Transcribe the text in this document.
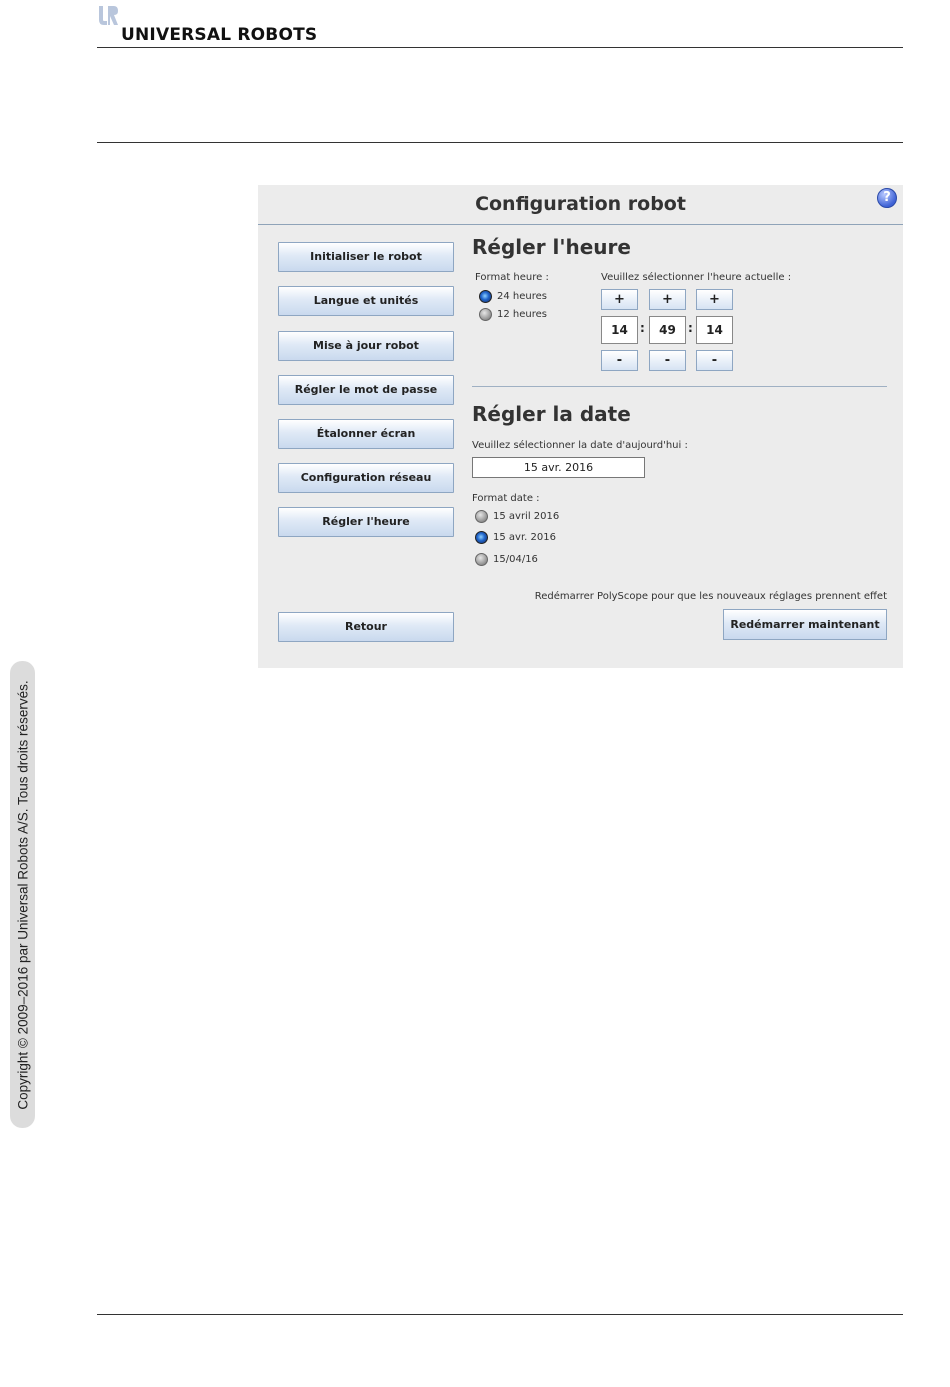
UNIVERSAL ROBOTS
Copyright © 2009–2016 par Universal Robots A/S. Tous droits réservés.
Configuration robot	?
Initialiser le robot
Langue et unités
Mise à jour robot
Régler le mot de passe
Étalonner écran
Configuration réseau
Régler l'heure
Retour
Régler l'heure
Format heure :
24 heures
12 heures
Veuillez sélectionner l'heure actuelle :
+	+	+
14	:	49	:	14
-	-	-
Régler la date
Veuillez sélectionner la date d'aujourd'hui :
15 avr. 2016
Format date :
15 avril 2016
15 avr. 2016
15/04/16
Redémarrer PolyScope pour que les nouveaux réglages prennent effet
Redémarrer maintenant
